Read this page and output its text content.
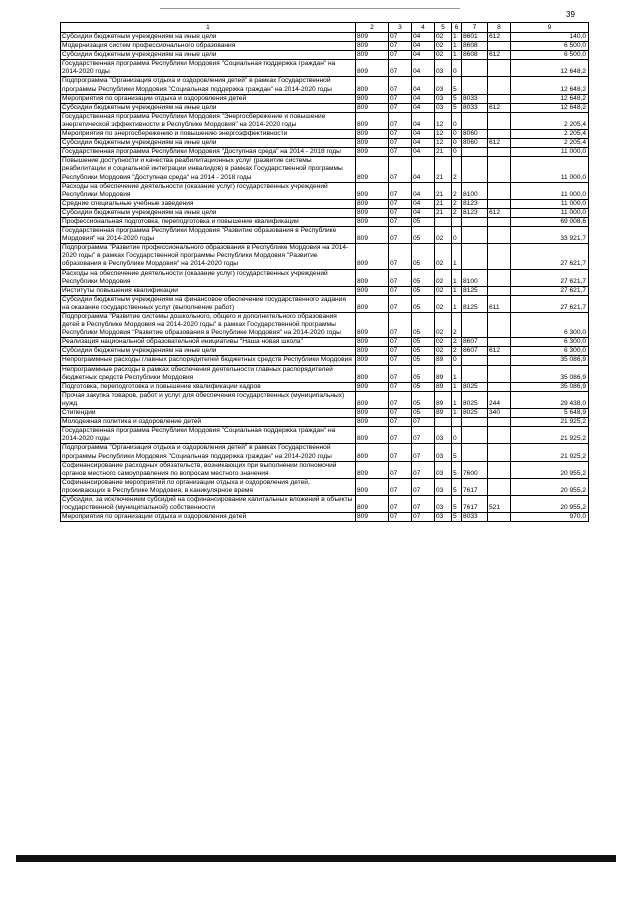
39
1	2	3	4	5	6	7	8	9
Субсидии бюджетным учреждениям на иные цели	809	07	04	02	1	8601	612	140,0
Модернизация систем профессионального образования	809	07	04	02	1	8608		6 500,0
Субсидии бюджетным учреждениям на иные цели	809	07	04	02	1	8608	612	6 500,0
Государственная программа Республики Мордовия "Социальная поддержка граждан" на 2014-2020 годы	809	07	04	03	0			12 648,2
Подпрограмма "Организация отдыха и оздоровления детей" в рамках Государственной программы Республики Мордовия "Социальная поддержка граждан" на 2014-2020 годы	809	07	04	03	5			12 648,2
Мероприятия по организации отдыха и оздоровления детей	809	07	04	03	5	8033		12 648,2
Субсидии бюджетным учреждениям на иные цели	809	07	04	03	5	8033	612	12 648,2
Государственная программа Республики Мордовия "Энергосбережение и повышение энергетической эффективности в Республике Мордовия" на 2014-2020 годы	809	07	04	12	0			2 205,4
Мероприятия по энергосбережению и повышению энергоэффективности	809	07	04	12	0	8060		2 205,4
Субсидии бюджетным учреждениям на иные цели	809	07	04	12	0	8060	612	2 205,4
Государственная программа Республики Мордовия "Доступная среда" на 2014 - 2018 годы	809	07	04	21	0			11 000,0
Повышение доступности и качества реабилитационных услуг (развитие системы реабилитации и социальной интеграции инвалидов) в рамках Государственной программы Республики Мордовия "Доступная среда" на 2014 - 2018 годы	809	07	04	21	2			11 000,0
Расходы на обеспечение деятельности (оказание услуг) государственных учреждений Республики Мордовия	809	07	04	21	2	8100		11 000,0
Средние специальные учебные заведения	809	07	04	21	2	8123		11 000,0
Субсидии бюджетным учреждениям на иные цели	809	07	04	21	2	8123	612	11 000,0
Профессиональная подготовка, переподготовка и повышение квалификации	809	07	05					69 008,6
Государственная программа Республики Мордовия "Развитие образования в Республике Мордовия" на 2014-2020 годы	809	07	05	02	0			33 921,7
Подпрограмма "Развитие профессионального образования в Республике Мордовия на 2014-2020 годы" в рамках Государственной программы Республики Мордовия "Развитие образования в Республике Мордовия" на 2014-2020 годы	809	07	05	02	1			27 621,7
Расходы на обеспечение деятельности (оказание услуг) государственных учреждений Республики Мордовия	809	07	05	02	1	8100		27 621,7
Институты повышения квалификации	809	07	05	02	1	8125		27 621,7
Субсидии бюджетным учреждениям на финансовое обеспечение государственного задания на оказание государственных услуг (выполнение работ)	809	07	05	02	1	8125	611	27 621,7
Подпрограмма "Развитие системы дошкольного, общего и дополнительного образования детей в Республике Мордовия на 2014-2020 годы" в рамках Государственной программы Республики Мордовия "Развитие образования в Республике Мордовия" на 2014-2020 годы	809	07	05	02	2			6 300,0
Реализация национальной образовательной инициативы "Наша новая школа"	809	07	05	02	2	8607		6 300,0
Субсидии бюджетным учреждениям на иные цели	809	07	05	02	2	8607	612	6 300,0
Непрограммные расходы главных распорядителей бюджетных средств Республики Мордовия	809	07	05	89	0			35 086,9
Непрограммные расходы в рамках обеспечения деятельности главных распорядителей бюджетных средств Республики Мордовия	809	07	05	89	1			35 086,9
Подготовка, переподготовка и повышение квалификации кадров	809	07	05	89	1	8025		35 086,9
Прочая закупка товаров, работ и услуг для обеспечения государственных (муниципальных) нужд	809	07	05	89	1	8025	244	29 438,0
Стипендии	809	07	05	89	1	8025	340	5 648,9
Молодежная политика и оздоровление детей	809	07	07					21 925,2
Государственная программа Республики Мордовия "Социальная поддержка граждан" на 2014-2020 годы	809	07	07	03	0			21 925,2
Подпрограмма "Организация отдыха и оздоровления детей" в рамках Государственной программы Республики Мордовия "Социальная поддержка граждан" на 2014-2020 годы	809	07	07	03	5			21 925,2
Софинансирование расходных обязательств, возникающих при выполнении полномочий органов местного самоуправления по вопросам местного значения	809	07	07	03	5	7600		20 955,2
Софинансирование мероприятий по организации отдыха и оздоровления детей, проживающих в Республике Мордовия, в каникулярное время	809	07	07	03	5	7617		20 955,2
Субсидии, за исключением субсидий на софинансирование капитальных вложений в объекты государственной (муниципальной) собственности	809	07	07	03	5	7617	521	20 955,2
Мероприятия по организации отдыха и оздоровления детей	809	07	07	03	5	8033		970,0
